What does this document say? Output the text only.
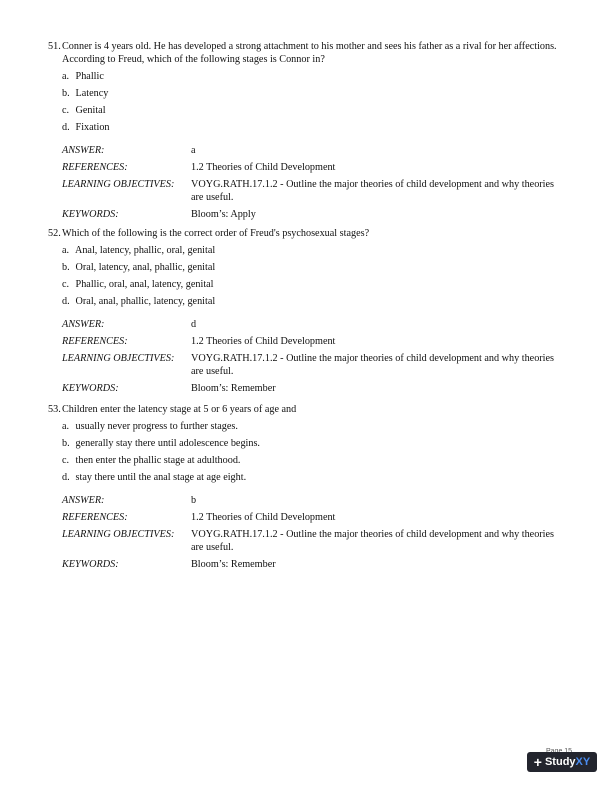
51. Conner is 4 years old. He has developed a strong attachment to his mother and sees his father as a rival for her affections. According to Freud, which of the following stages is Connor in?
a. Phallic
b. Latency
c. Genital
d. Fixation
ANSWER:	a
REFERENCES:	1.2 Theories of Child Development
LEARNING OBJECTIVES:	VOYG.RATH.17.1.2 - Outline the major theories of child development and why theories are useful.
KEYWORDS:	Bloom’s: Apply
52. Which of the following is the correct order of Freud's psychosexual stages?
a. Anal, latency, phallic, oral, genital
b. Oral, latency, anal, phallic, genital
c. Phallic, oral, anal, latency, genital
d. Oral, anal, phallic, latency, genital
ANSWER:	d
REFERENCES:	1.2 Theories of Child Development
LEARNING OBJECTIVES:	VOYG.RATH.17.1.2 - Outline the major theories of child development and why theories are useful.
KEYWORDS:	Bloom’s: Remember
53. Children enter the latency stage at 5 or 6 years of age and
a. usually never progress to further stages.
b. generally stay there until adolescence begins.
c. then enter the phallic stage at adulthood.
d. stay there until the anal stage at age eight.
ANSWER:	b
REFERENCES:	1.2 Theories of Child Development
LEARNING OBJECTIVES:	VOYG.RATH.17.1.2 - Outline the major theories of child development and why theories are useful.
KEYWORDS:	Bloom’s: Remember
+ StudyXY
